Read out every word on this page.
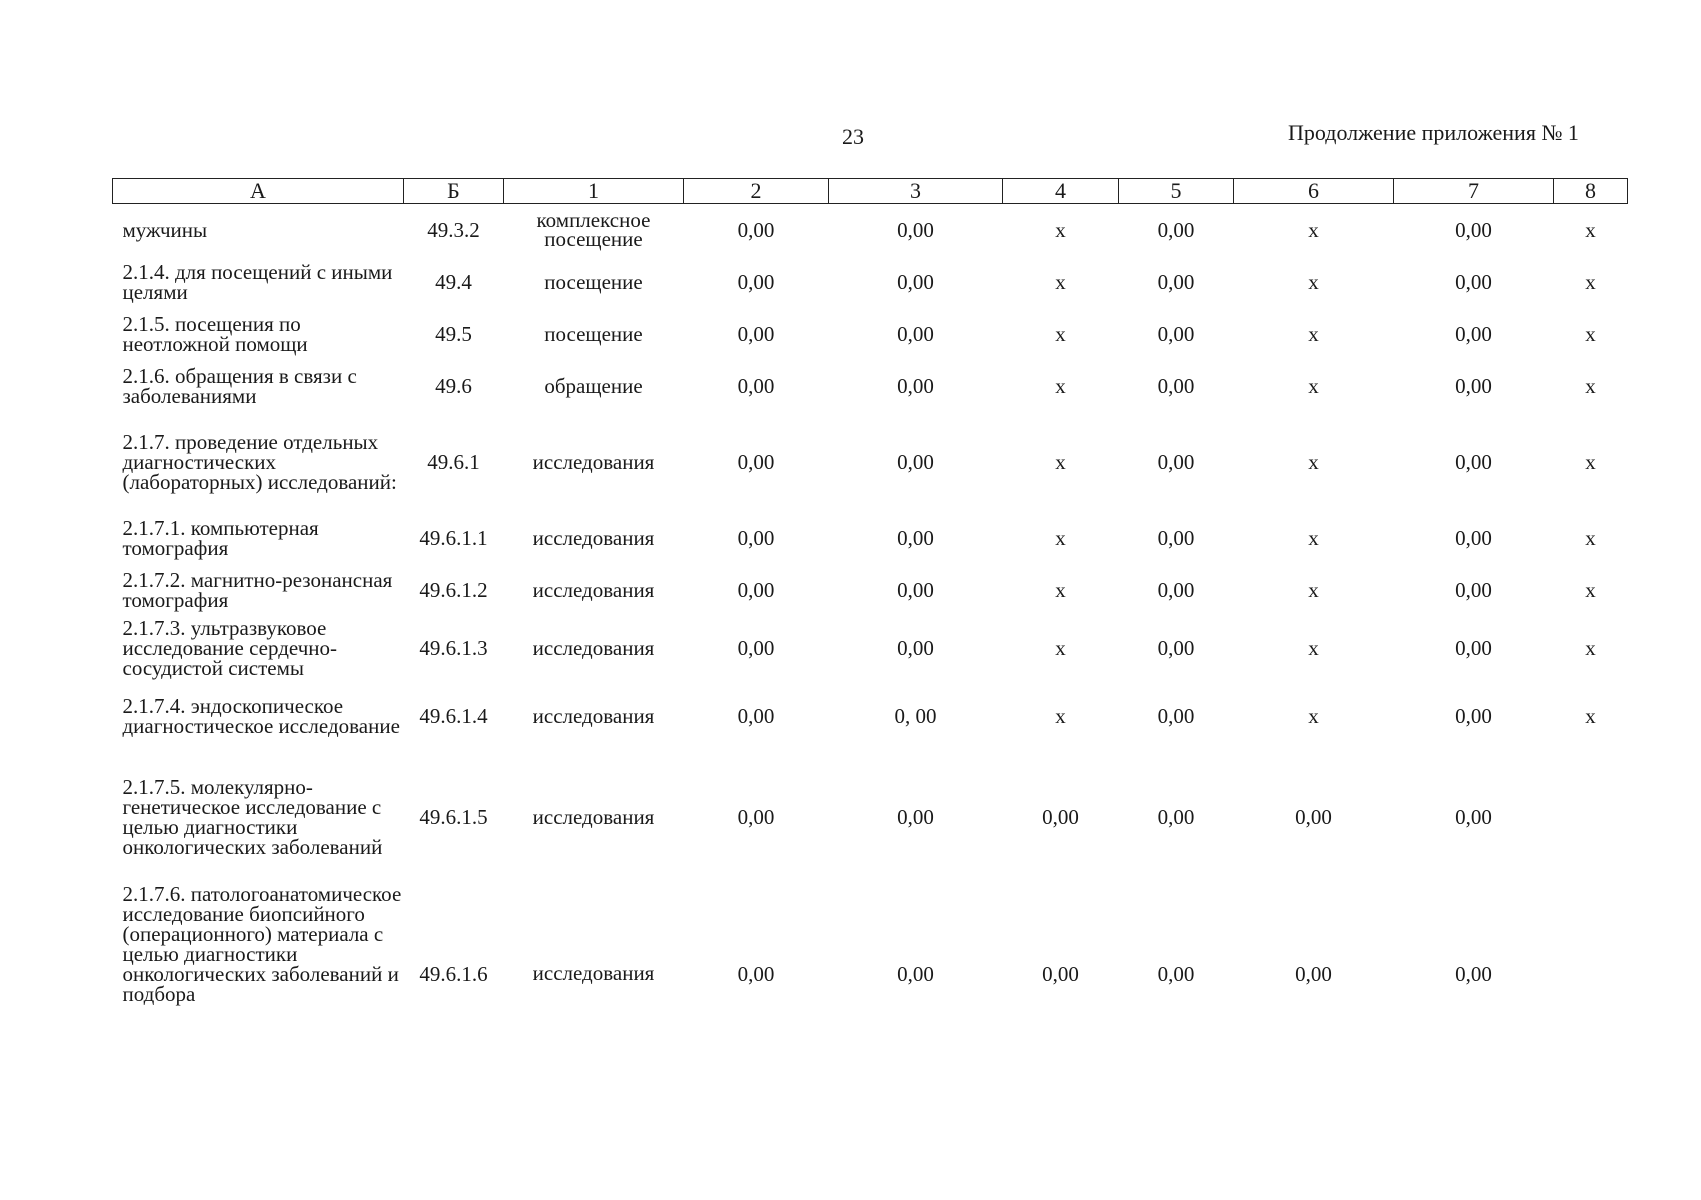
23	Продолжение приложения № 1
А	Б	1	2	3	4	5	6	7	8
мужчины	49.3.2	комплексное посещение	0,00	0,00	х	0,00	х	0,00	х
2.1.4. для посещений с иными целями	49.4	посещение	0,00	0,00	х	0,00	х	0,00	х
2.1.5. посещения по неотложной помощи	49.5	посещение	0,00	0,00	х	0,00	х	0,00	х
2.1.6. обращения в связи с заболеваниями	49.6	обращение	0,00	0,00	х	0,00	х	0,00	х
2.1.7. проведение отдельных диагностических (лабораторных) исследований:	49.6.1	исследования	0,00	0,00	х	0,00	х	0,00	х
2.1.7.1. компьютерная томография	49.6.1.1	исследования	0,00	0,00	х	0,00	х	0,00	х
2.1.7.2. магнитно-резонансная томография	49.6.1.2	исследования	0,00	0,00	х	0,00	х	0,00	х
2.1.7.3. ультразвуковое исследование сердечно-сосудистой системы	49.6.1.3	исследования	0,00	0,00	х	0,00	х	0,00	х
2.1.7.4. эндоскопическое диагностическое исследование	49.6.1.4	исследования	0,00	0, 00	х	0,00	х	0,00	х
2.1.7.5. молекулярно-генетическое исследование с целью диагностики онкологических заболеваний	49.6.1.5	исследования	0,00	0,00	0,00	0,00	0,00	0,00	
2.1.7.6. патологоанатомическое исследование биопсийного (операционного) материала с целью диагностики онкологических заболеваний и подбора	49.6.1.6	исследования	0,00	0,00	0,00	0,00	0,00	0,00	
